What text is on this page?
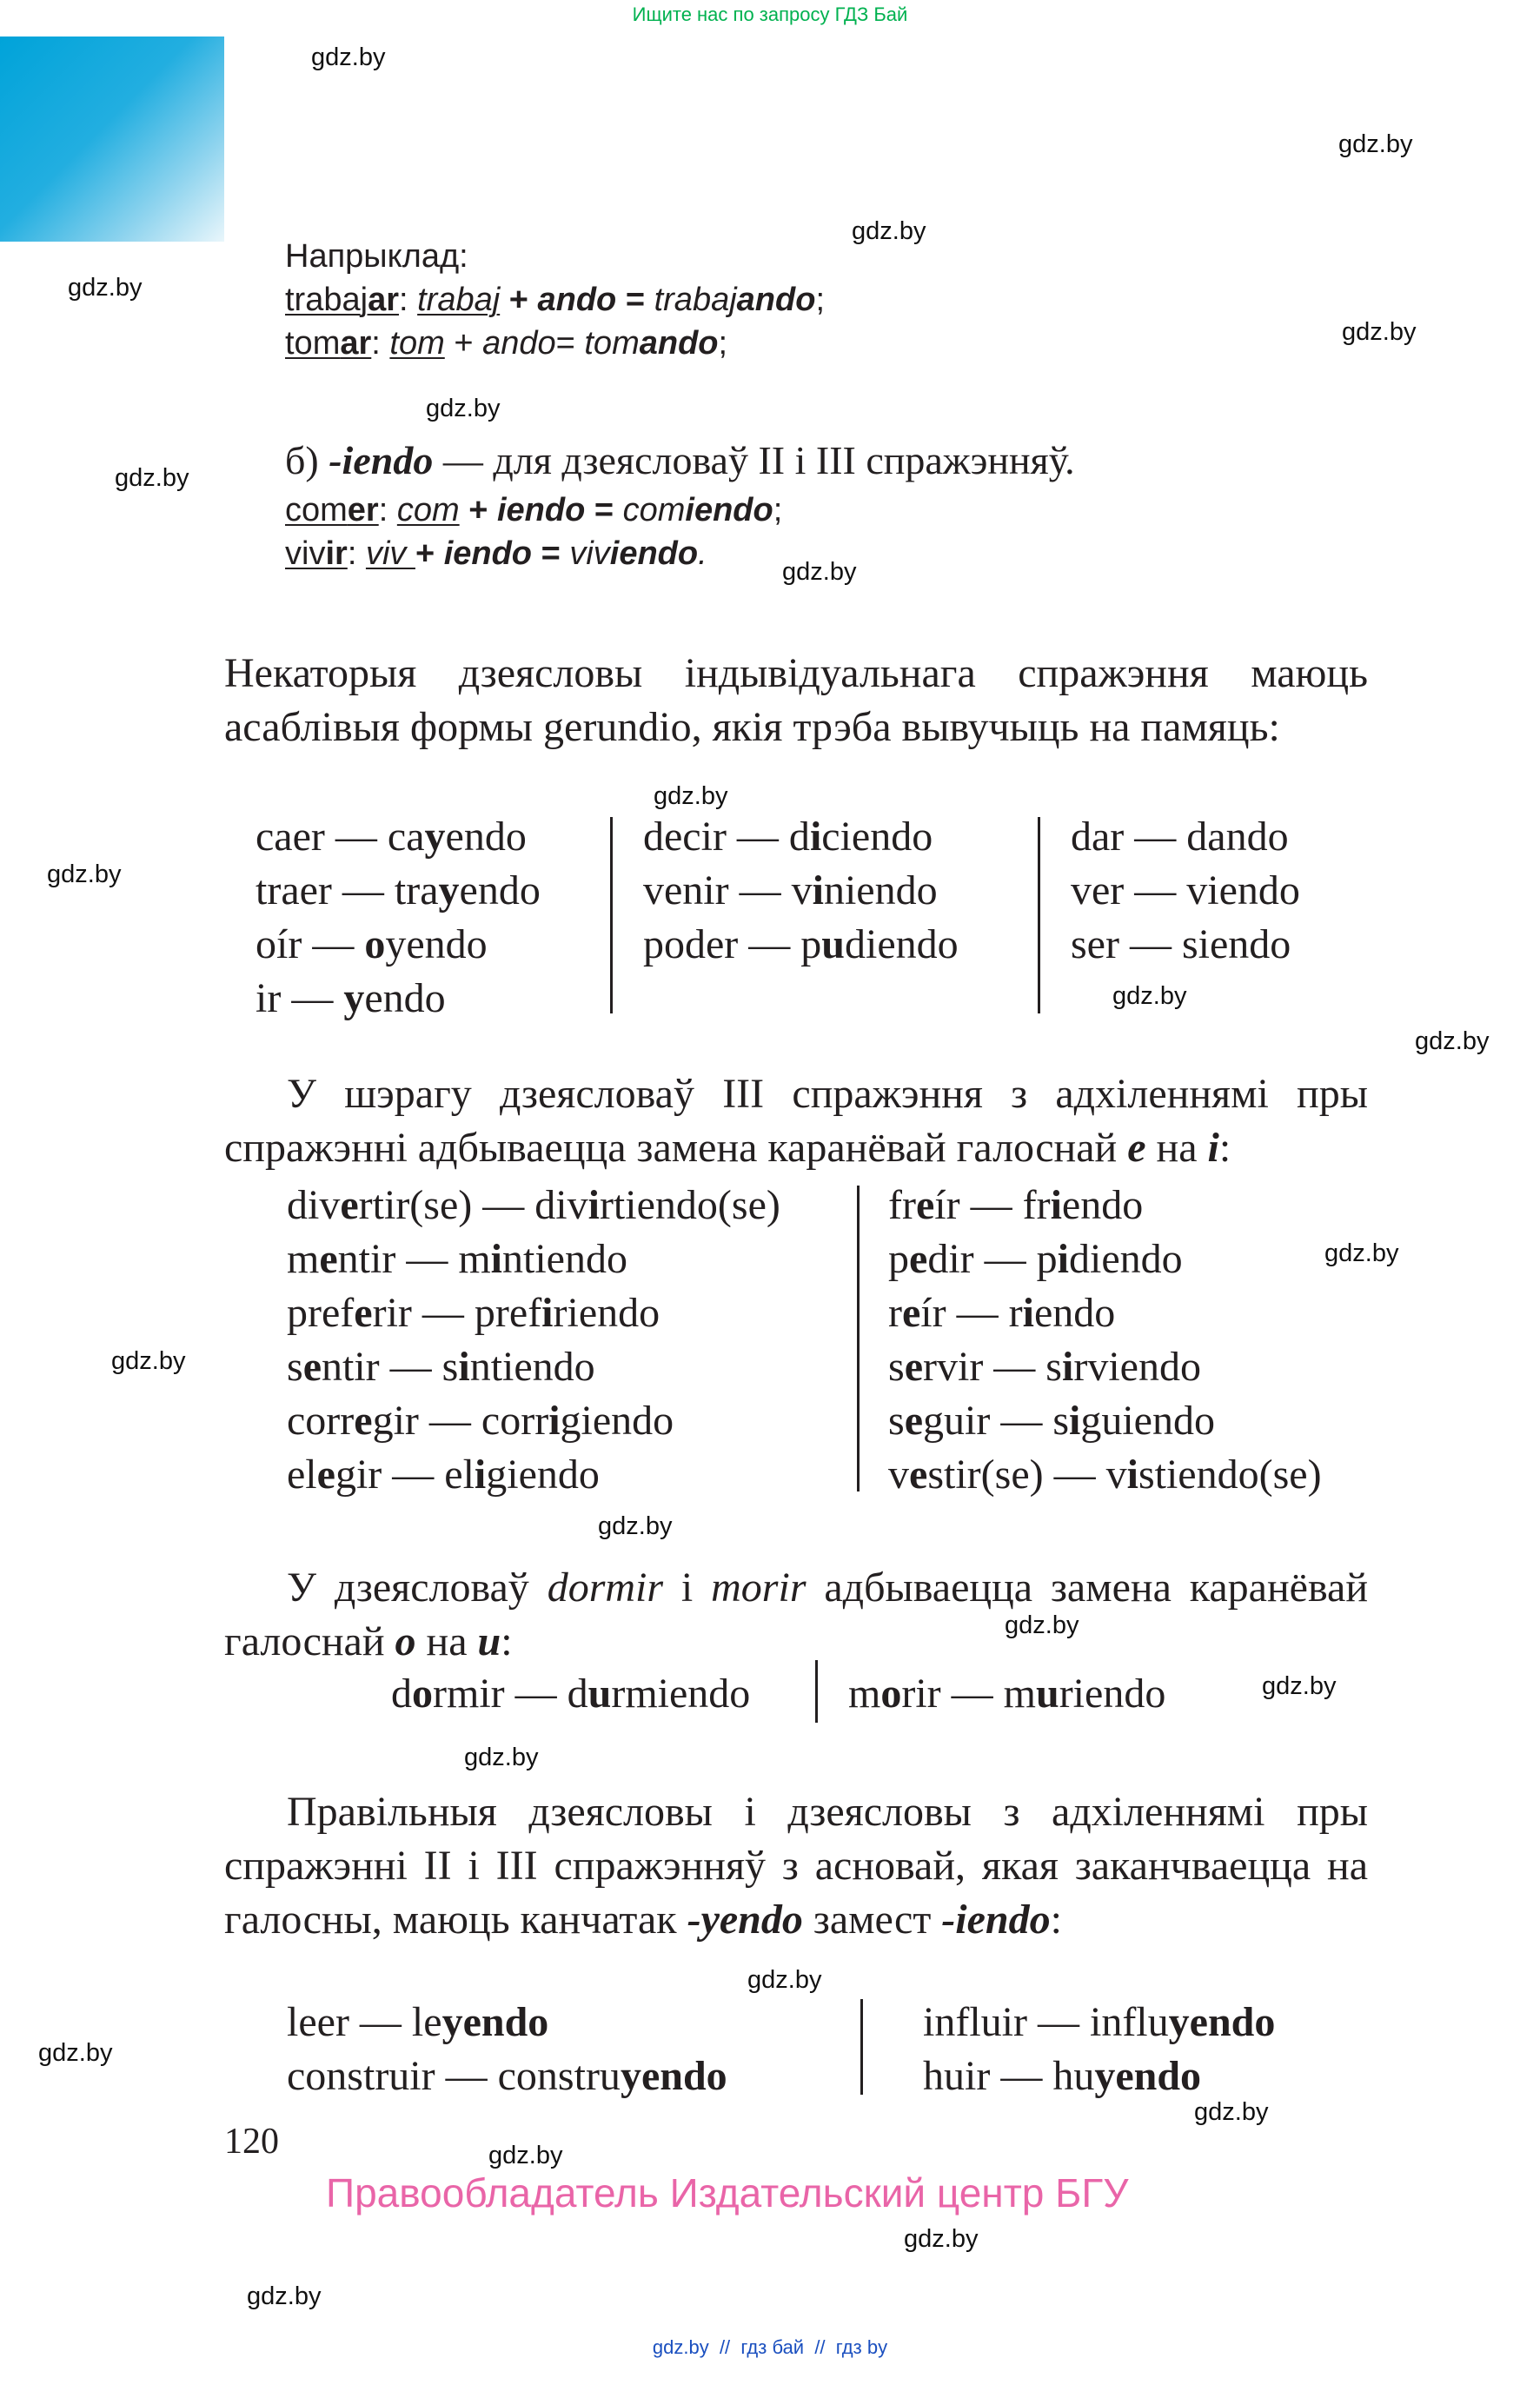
Ищите нас по запросу ГДЗ Бай
gdz.by
gdz.by
gdz.by
gdz.by
gdz.by
gdz.by
gdz.by
gdz.by
gdz.by
gdz.by
gdz.by
gdz.by
gdz.by
gdz.by
gdz.by
gdz.by
gdz.by
gdz.by
gdz.by
gdz.by
gdz.by
gdz.by
gdz.by
gdz.by
Напрыклад:
trabajar: trabaj + ando = trabajando;
tomar: tom + ando= tomando;
б) -iendo — для дзеясловаў II і III спражэнняў.
comer: com + iendo = comiendo;
vivir: viv + iendo = viviendo.
Некаторыя дзеясловы індывідуальнага спражэння маюць асаблівыя формы gerundio, якія трэба вывучыць на памяць:
caer — cayendo
traer — trayendo
oír — oyendo
ir — yendo
decir — diciendo
venir — viniendo
poder — pudiendo
dar — dando
ver — viendo
ser — siendo
У шэрагу дзеясловаў III спражэння з адхіленнямі пры спражэнні адбываецца замена каранёвай галоснай e на i:
divertir(se) — divirtiendo(se)
mentir — mintiendo
preferir — prefiriendo
sentir — sintiendo
corregir — corrigiendo
elegir — eligiendo
freír — friendo
pedir — pidiendo
reír — riendo
servir — sirviendo
seguir — siguiendo
vestir(se) — vistiendo(se)
У дзеясловаў dormir і morir адбываецца замена каранёвай галоснай o на u:
dormir — durmiendo morir — muriendo
Правільныя дзеясловы і дзеясловы з адхіленнямі пры спражэнні II і III спражэнняў з асновай, якая заканчваецца на галосны, маюць канчатак -yendo замест -iendo:
leer — leyendo
construir — construyendo
influir — influyendo
huir — huyendo
120
Правообладатель Издательский центр БГУ
gdz.by  //  гдз бай  //  гдз by
